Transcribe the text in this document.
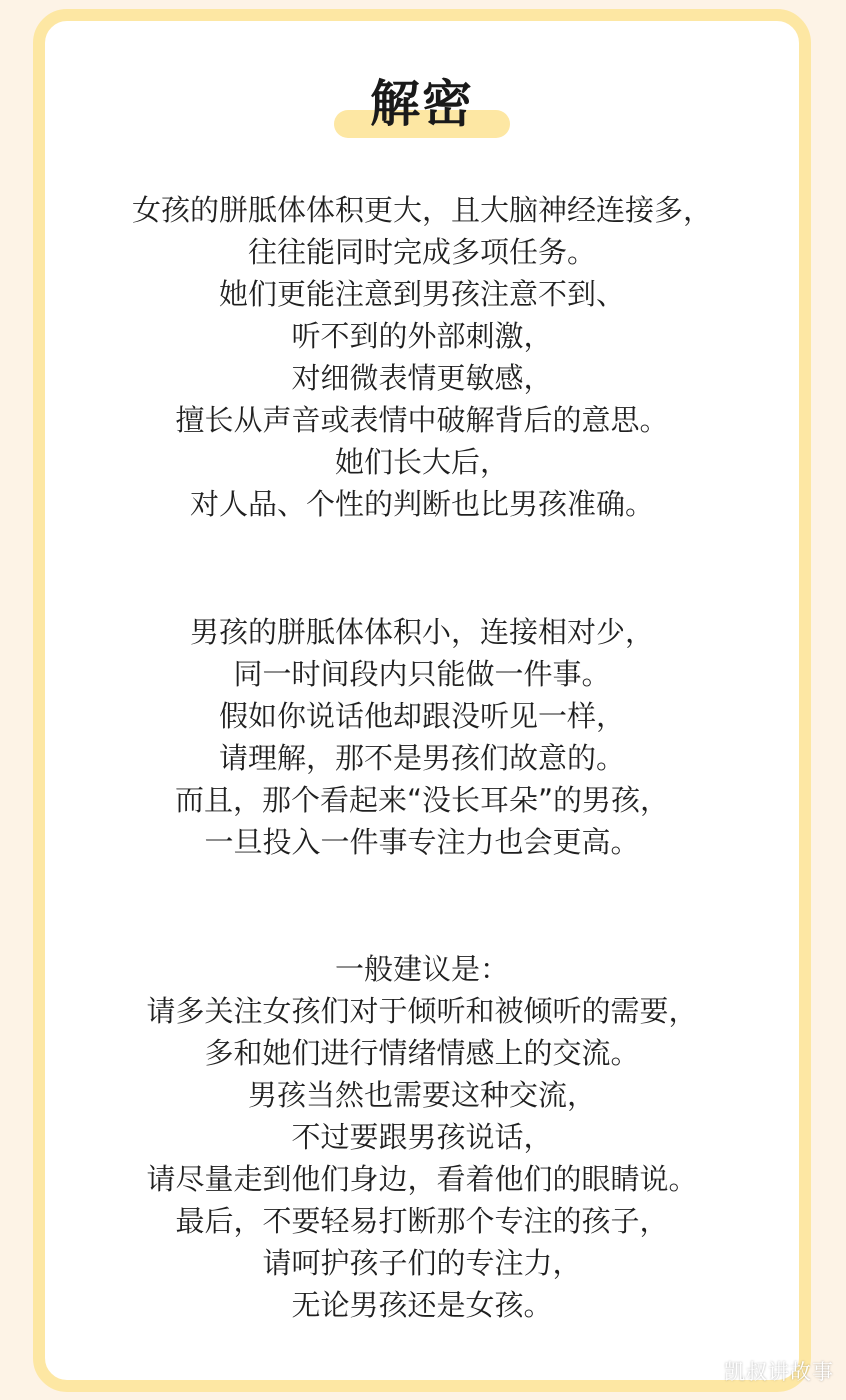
解密
女孩的胼胝体体积更大，且大脑神经连接多，
往往能同时完成多项任务。
她们更能注意到男孩注意不到、
听不到的外部刺激，
对细微表情更敏感，
擅长从声音或表情中破解背后的意思。
她们长大后，
对人品、个性的判断也比男孩准确。
男孩的胼胝体体积小，连接相对少，
同一时间段内只能做一件事。
假如你说话他却跟没听见一样，
请理解，那不是男孩们故意的。
而且，那个看起来“没长耳朵”的男孩，
一旦投入一件事专注力也会更高。
一般建议是：
请多关注女孩们对于倾听和被倾听的需要，
多和她们进行情绪情感上的交流。
男孩当然也需要这种交流，
不过要跟男孩说话，
请尽量走到他们身边，看着他们的眼睛说。
最后，不要轻易打断那个专注的孩子，
请呵护孩子们的专注力，
无论男孩还是女孩。
凯叔讲故事
